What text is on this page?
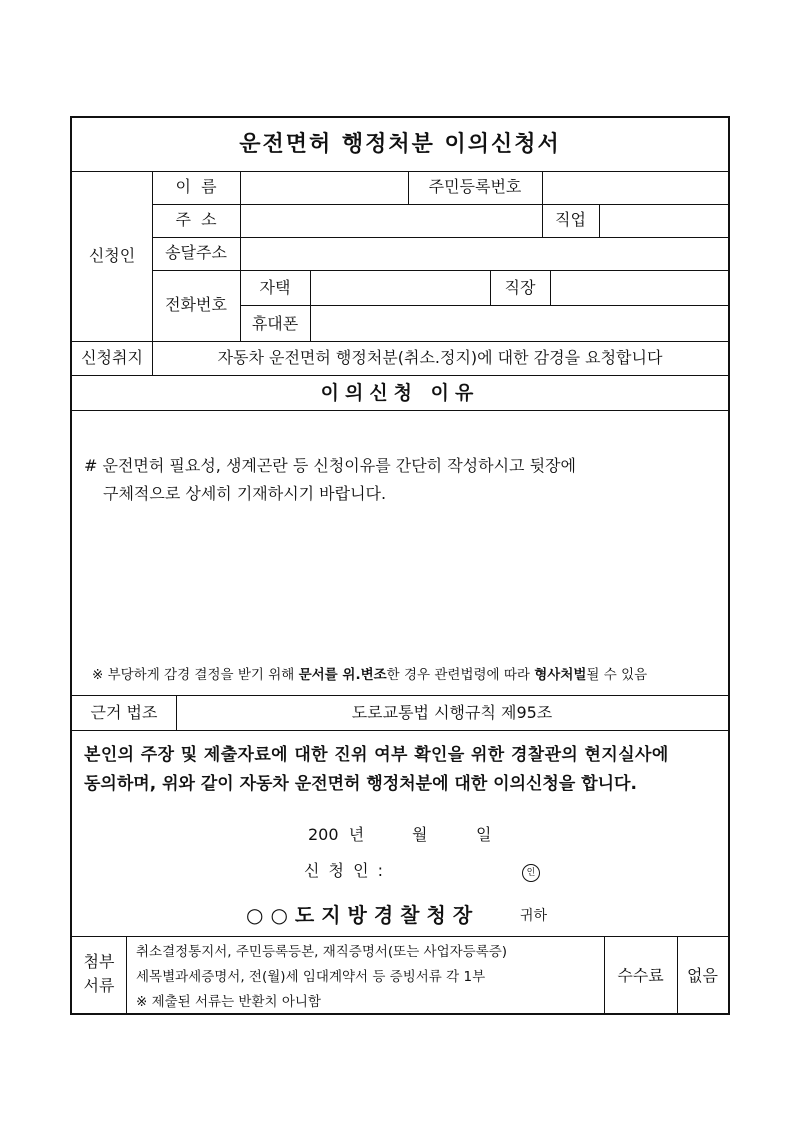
운전면허 행정처분 이의신청서
신청인
이  름	주민등록번호
주  소	직업
송달주소
전화번호
자택	직장
휴대폰
신청취지	자동차 운전면허 행정처분(취소.정지)에 대한 감경을 요청합니다
이의신청 이유
# 운전면허 필요성, 생계곤란 등 신청이유를 간단히 작성하시고 뒷장에
구체적으로 상세히 기재하시기 바랍니다.
※ 부당하게 감경 결정을 받기 위해 문서를 위.변조한 경우 관련법령에 따라 형사처벌될 수 있음
근거 법조	도로교통법 시행규칙 제95조
본인의 주장 및 제출자료에 대한 진위 여부 확인을 위한 경찰관의 현지실사에
동의하며, 위와 같이 자동차 운전면허 행정처분에 대한 이의신청을 합니다.
200  년	월	일
신 청 인 :	인
○○도지방경찰청장	귀하
첨부
서류
취소결정통지서, 주민등록등본, 재직증명서(또는 사업자등록증)
세목별과세증명서, 전(월)세 임대계약서 등 증빙서류 각 1부
※ 제출된 서류는 반환치 아니함
수수료	없음
